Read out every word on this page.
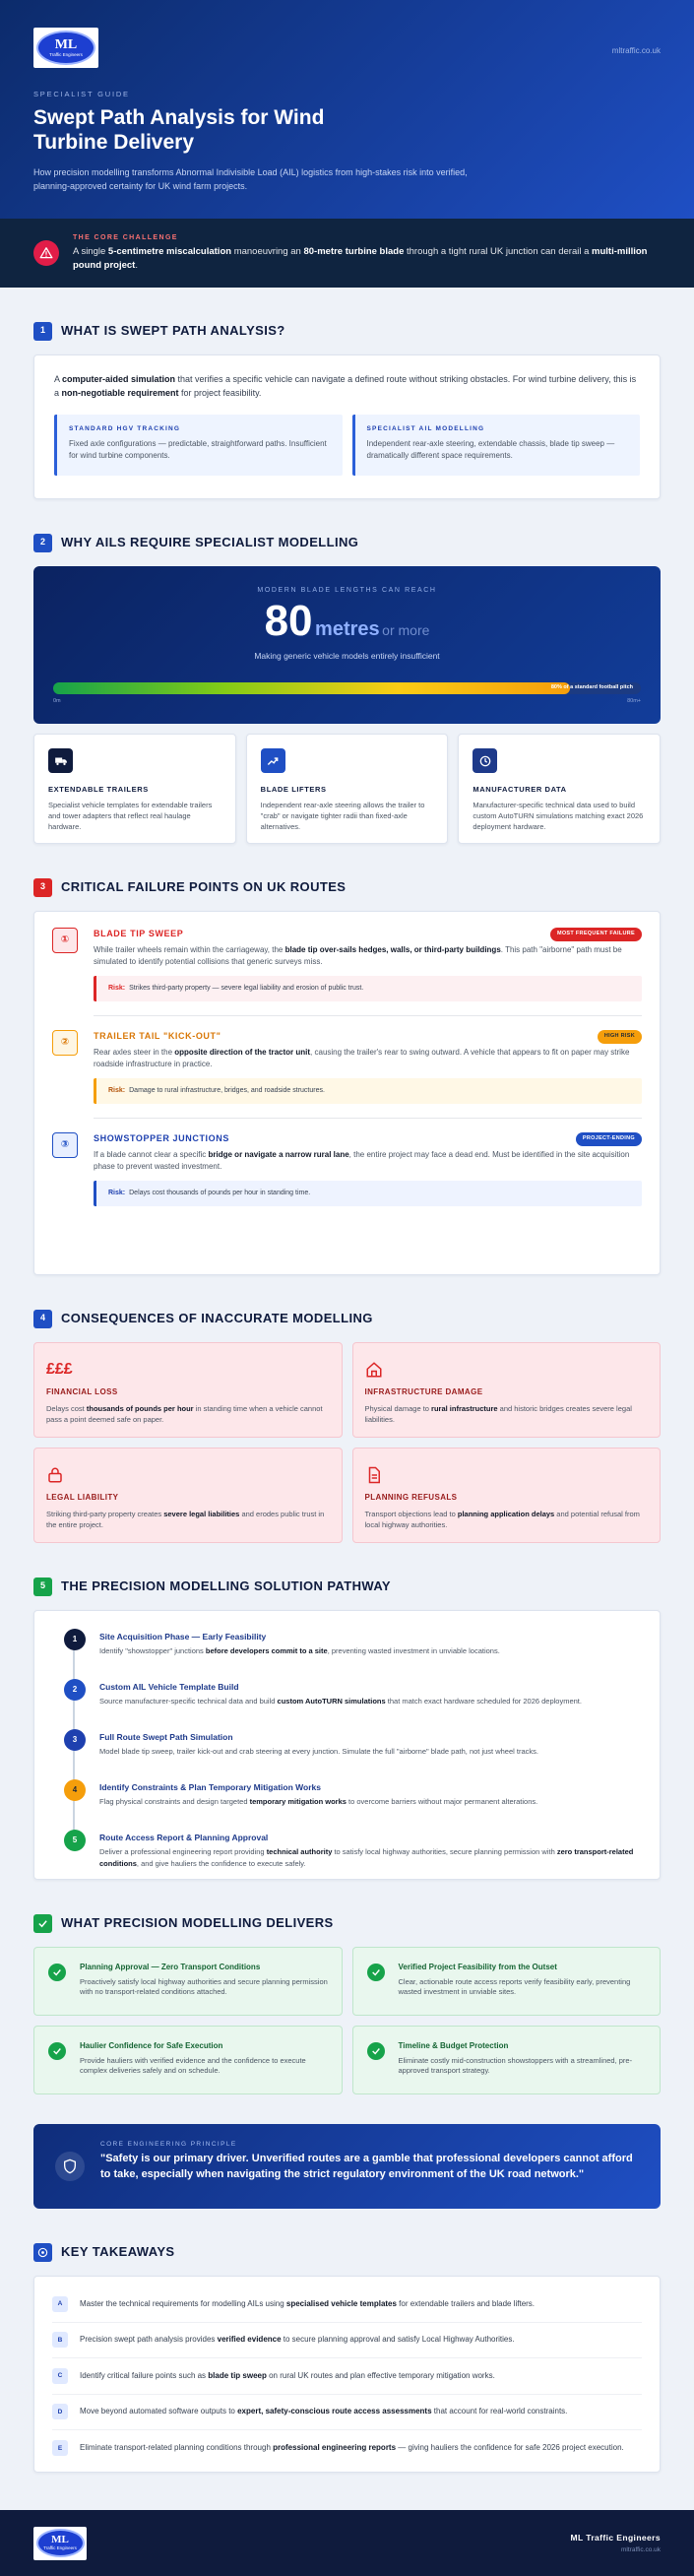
ML
Traffic Engineers	mltraffic.co.uk
SPECIALIST GUIDE
Swept Path Analysis for Wind Turbine Delivery

How precision modelling transforms Abnormal Indivisible Load (AIL) logistics from high-stakes risk into verified, planning-approved certainty for UK wind farm projects.

THE CORE CHALLENGE
A single 5-centimetre miscalculation manoeuvring an 80-metre turbine blade through a tight rural UK junction can derail a multi-million pound project.
1	WHAT IS SWEPT PATH ANALYSIS?

A computer-aided simulation that verifies a specific vehicle can navigate a defined route without striking obstacles. For wind turbine delivery, this is a non-negotiable requirement for project feasibility.

STANDARD HGV TRACKING
Fixed axle configurations — predictable, straightforward paths. Insufficient for wind turbine components.
SPECIALIST AIL MODELLING
Independent rear-axle steering, extendable chassis, blade tip sweep — dramatically different space requirements.
2	WHY AILS REQUIRE SPECIALIST MODELLING
MODERN BLADE LENGTHS CAN REACH
80 metres or more
Making generic vehicle models entirely insufficient
80% of a standard football pitch
0m	80m+
EXTENDABLE TRAILERS
Specialist vehicle templates for extendable trailers and tower adapters that reflect real haulage hardware.
BLADE LIFTERS
Independent rear-axle steering allows the trailer to "crab" or navigate tighter radii than fixed-axle alternatives.
MANUFACTURER DATA
Manufacturer-specific technical data used to build custom AutoTURN simulations matching exact 2026 deployment hardware.
3	CRITICAL FAILURE POINTS ON UK ROUTES
①
BLADE TIP SWEEP	MOST FREQUENT FAILURE
While trailer wheels remain within the carriageway, the blade tip over-sails hedges, walls, or third-party buildings. This path "airborne" path must be simulated to identify potential collisions that generic surveys miss.
Risk: Strikes third-party property — severe legal liability and erosion of public trust.
②
TRAILER TAIL "KICK-OUT"	HIGH RISK
Rear axles steer in the opposite direction of the tractor unit, causing the trailer's rear to swing outward. A vehicle that appears to fit on paper may strike roadside infrastructure in practice.
Risk: Damage to rural infrastructure, bridges, and roadside structures.
③
SHOWSTOPPER JUNCTIONS	PROJECT-ENDING
If a blade cannot clear a specific bridge or navigate a narrow rural lane, the entire project may face a dead end. Must be identified in the site acquisition phase to prevent wasted investment.
Risk: Delays cost thousands of pounds per hour in standing time.
4	CONSEQUENCES OF INACCURATE MODELLING
£££
FINANCIAL LOSS
Delays cost thousands of pounds per hour in standing time when a vehicle cannot pass a point deemed safe on paper.
INFRASTRUCTURE DAMAGE
Physical damage to rural infrastructure and historic bridges creates severe legal liabilities.
LEGAL LIABILITY
Striking third-party property creates severe legal liabilities and erodes public trust in the entire project.
PLANNING REFUSALS
Transport objections lead to planning application delays and potential refusal from local highway authorities.
5	THE PRECISION MODELLING SOLUTION PATHWAY
1	Site Acquisition Phase — Early Feasibility
Identify "showstopper" junctions before developers commit to a site, preventing wasted investment in unviable locations.
2	Custom AIL Vehicle Template Build
Source manufacturer-specific technical data and build custom AutoTURN simulations that match exact hardware scheduled for 2026 deployment.
3	Full Route Swept Path Simulation
Model blade tip sweep, trailer kick-out and crab steering at every junction. Simulate the full "airborne" blade path, not just wheel tracks.
4	Identify Constraints & Plan Temporary Mitigation Works
Flag physical constraints and design targeted temporary mitigation works to overcome barriers without major permanent alterations.
5	Route Access Report & Planning Approval
Deliver a professional engineering report providing technical authority to satisfy local highway authorities, secure planning permission with zero transport-related conditions, and give hauliers the confidence to execute safely.
WHAT PRECISION MODELLING DELIVERS
Planning Approval — Zero Transport Conditions
Proactively satisfy local highway authorities and secure planning permission with no transport-related conditions attached.
Verified Project Feasibility from the Outset
Clear, actionable route access reports verify feasibility early, preventing wasted investment in unviable sites.
Haulier Confidence for Safe Execution
Provide hauliers with verified evidence and the confidence to execute complex deliveries safely and on schedule.
Timeline & Budget Protection
Eliminate costly mid-construction showstoppers with a streamlined, pre-approved transport strategy.
CORE ENGINEERING PRINCIPLE
"Safety is our primary driver. Unverified routes are a gamble that professional developers cannot afford to take, especially when navigating the strict regulatory environment of the UK road network."
KEY TAKEAWAYS
A	Master the technical requirements for modelling AILs using specialised vehicle templates for extendable trailers and blade lifters.
B	Precision swept path analysis provides verified evidence to secure planning approval and satisfy Local Highway Authorities.
C	Identify critical failure points such as blade tip sweep on rural UK routes and plan effective temporary mitigation works.
D	Move beyond automated software outputs to expert, safety-conscious route access assessments that account for real-world constraints.
E	Eliminate transport-related planning conditions through professional engineering reports — giving hauliers the confidence for safe 2026 project execution.
ML
Traffic Engineers
ML Traffic Engineers
mltraffic.co.uk
